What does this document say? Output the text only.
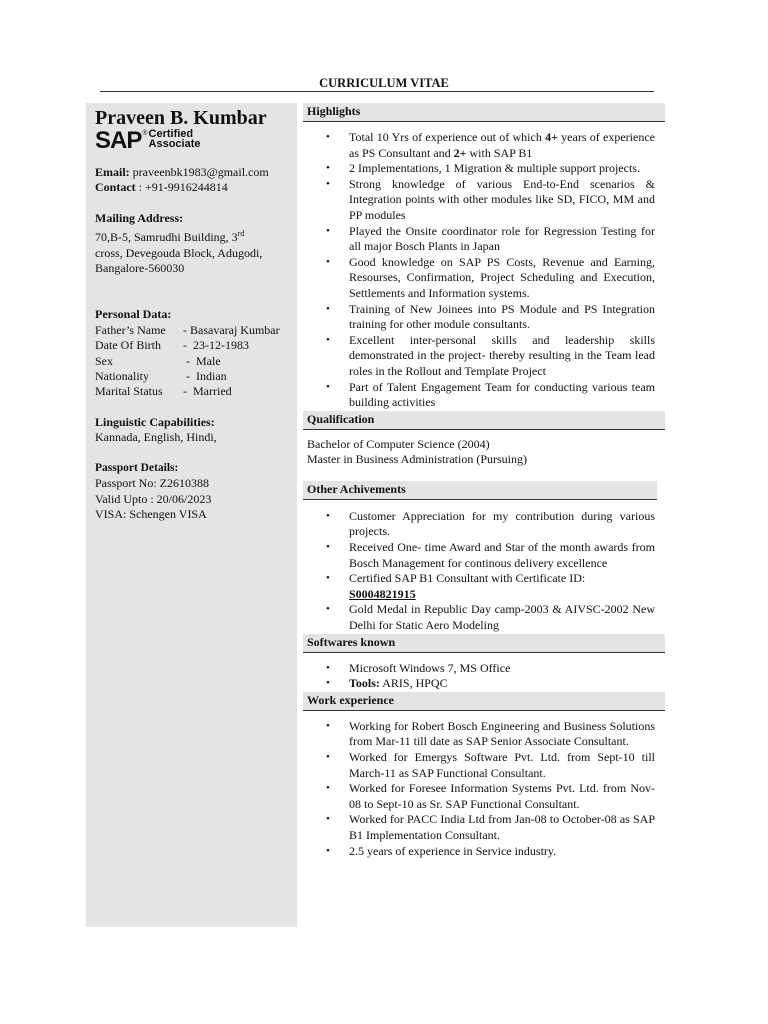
CURRICULUM VITAE
Praveen B. Kumbar
SAP ® Certified
Associate
Email: praveenbk1983@gmail.com
Contact : +91-9916244814
Mailing Address:
70,B-5, Samrudhi Building, 3rd
cross, Devegouda Block, Adugodi,
Bangalore-560030
Personal Data:
Father’s Name	- Basavaraj Kumbar
Date Of Birth	-  23-12-1983
Sex	-  Male
Nationality	-  Indian
Marital Status	-  Married
Linguistic Capabilities:
Kannada, English, Hindi,
Passport Details:
Passport No: Z2610388
Valid Upto : 20/06/2023
VISA: Schengen VISA
Highlights
• Total 10 Yrs of experience out of which 4+ years of experience as PS Consultant and 2+ with SAP B1
• 2 Implementations, 1 Migration & multiple support projects.
• Strong knowledge of various End-to-End scenarios & Integration points with other modules like SD, FICO, MM and PP modules
• Played the Onsite coordinator role for Regression Testing for all major Bosch Plants in Japan
• Good knowledge on SAP PS Costs, Revenue and Earning, Resourses, Confirmation, Project Scheduling and Execution, Settlements and Information systems.
• Training of New Joinees into PS Module and PS Integration training for other module consultants.
• Excellent inter-personal skills and leadership skills demonstrated in the project- thereby resulting in the Team lead roles in the Rollout and Template Project
• Part of Talent Engagement Team for conducting various team building activities
Qualification
Bachelor of Computer Science (2004)
Master in Business Administration (Pursuing)
Other Achivements
• Customer Appreciation for my contribution during various projects.
• Received One- time Award and Star of the month awards from Bosch Management for continous delivery excellence
• Certified SAP B1 Consultant with Certificate ID:
S0004821915
• Gold Medal in Republic Day camp-2003 & AIVSC-2002 New Delhi for Static Aero Modeling
Softwares known
• Microsoft Windows 7, MS Office
• Tools: ARIS, HPQC
Work experience
• Working for Robert Bosch Engineering and Business Solutions from Mar-11 till date as SAP Senior Associate Consultant.
• Worked for Emergys Software Pvt. Ltd. from Sept-10 till March-11 as SAP Functional Consultant.
• Worked for Foresee Information Systems Pvt. Ltd. from Nov-08 to Sept-10 as Sr. SAP Functional Consultant.
• Worked for PACC India Ltd from Jan-08 to October-08 as SAP B1 Implementation Consultant.
• 2.5 years of experience in Service industry.
